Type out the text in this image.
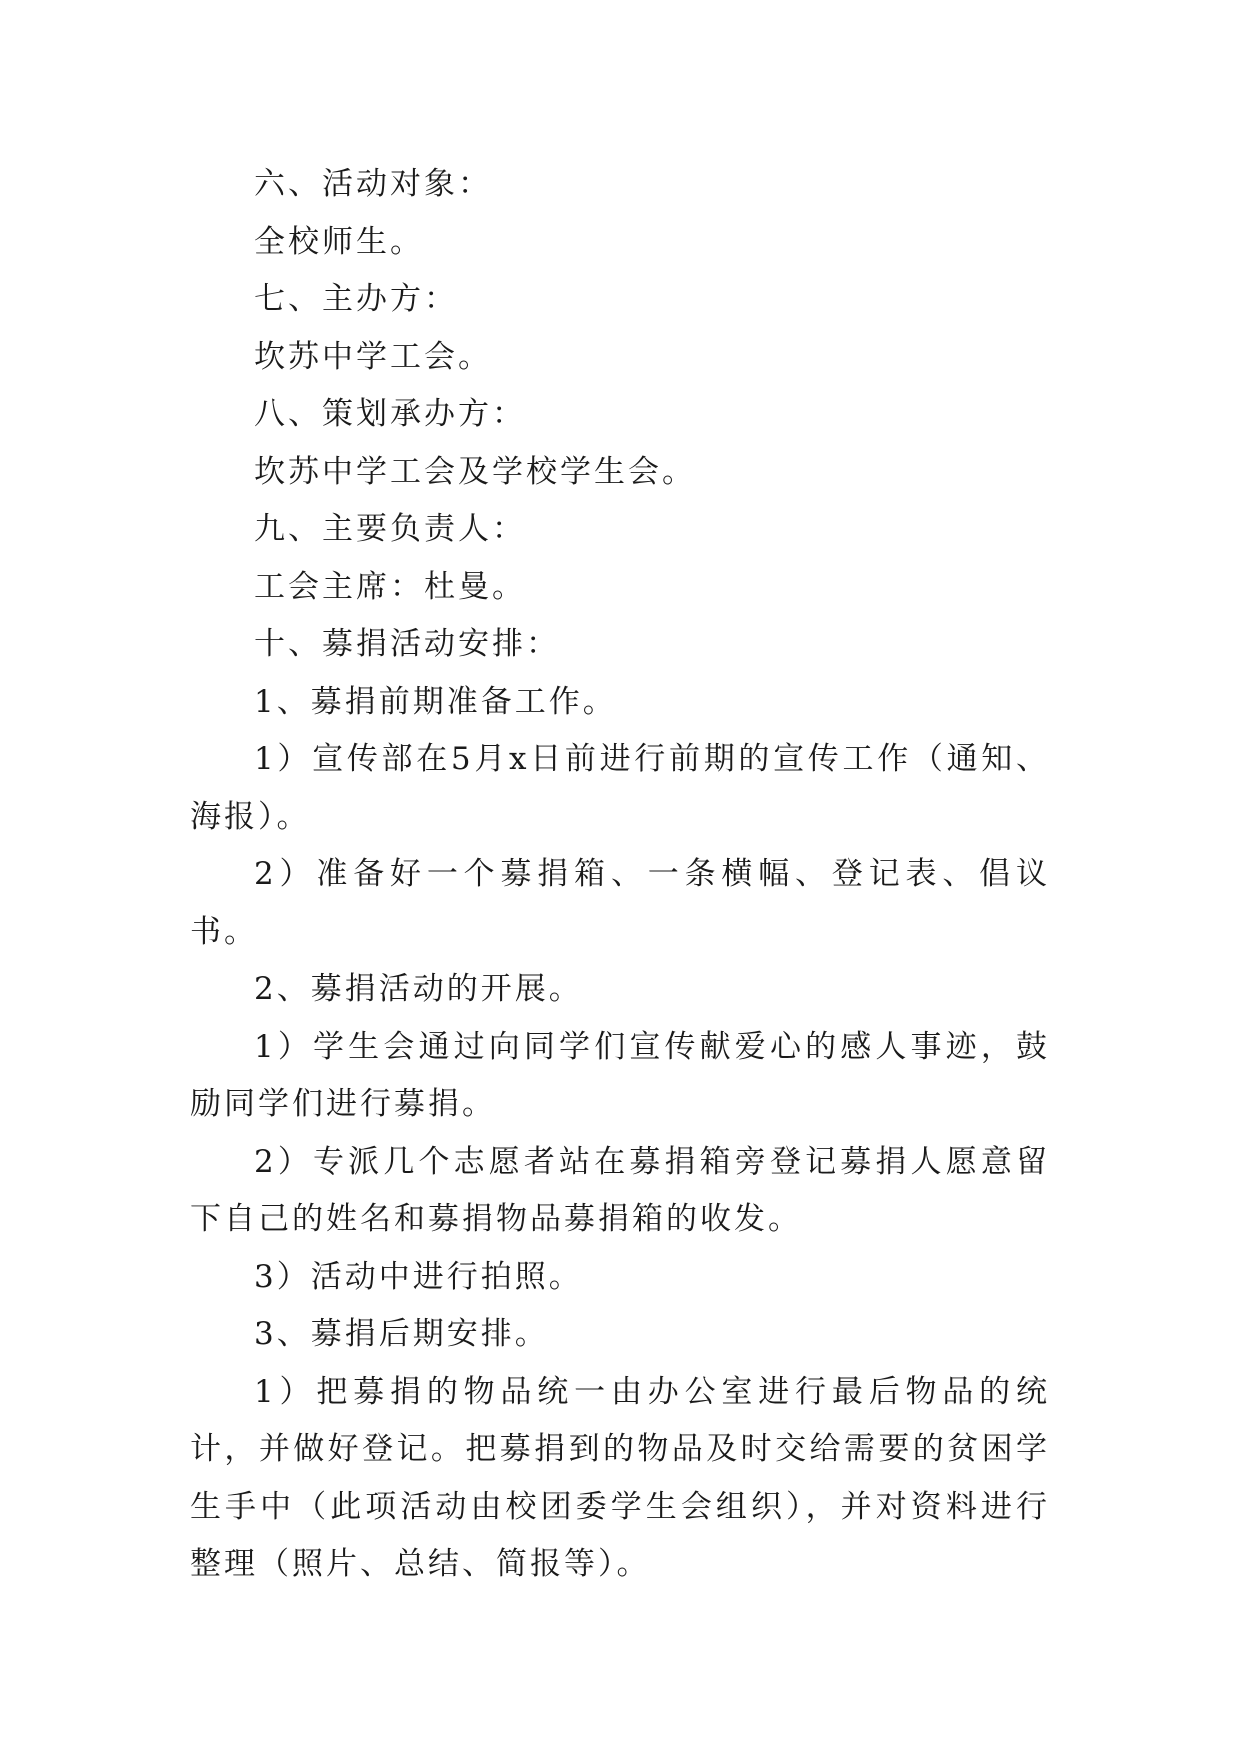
六、活动对象：

全校师生。

七、主办方：

坎苏中学工会。

八、策划承办方：

坎苏中学工会及学校学生会。

九、主要负责人：

工会主席：杜曼。

十、募捐活动安排：

1、募捐前期准备工作。

1）宣传部在5月x日前进行前期的宣传工作（通知、海报）。

2）准备好一个募捐箱、一条横幅、登记表、倡议书。

2、募捐活动的开展。

1）学生会通过向同学们宣传献爱心的感人事迹，鼓励同学们进行募捐。

2）专派几个志愿者站在募捐箱旁登记募捐人愿意留下自己的姓名和募捐物品募捐箱的收发。

3）活动中进行拍照。

3、募捐后期安排。

1）把募捐的物品统一由办公室进行最后物品的统计，并做好登记。把募捐到的物品及时交给需要的贫困学生手中（此项活动由校团委学生会组织），并对资料进行整理（照片、总结、简报等）。
